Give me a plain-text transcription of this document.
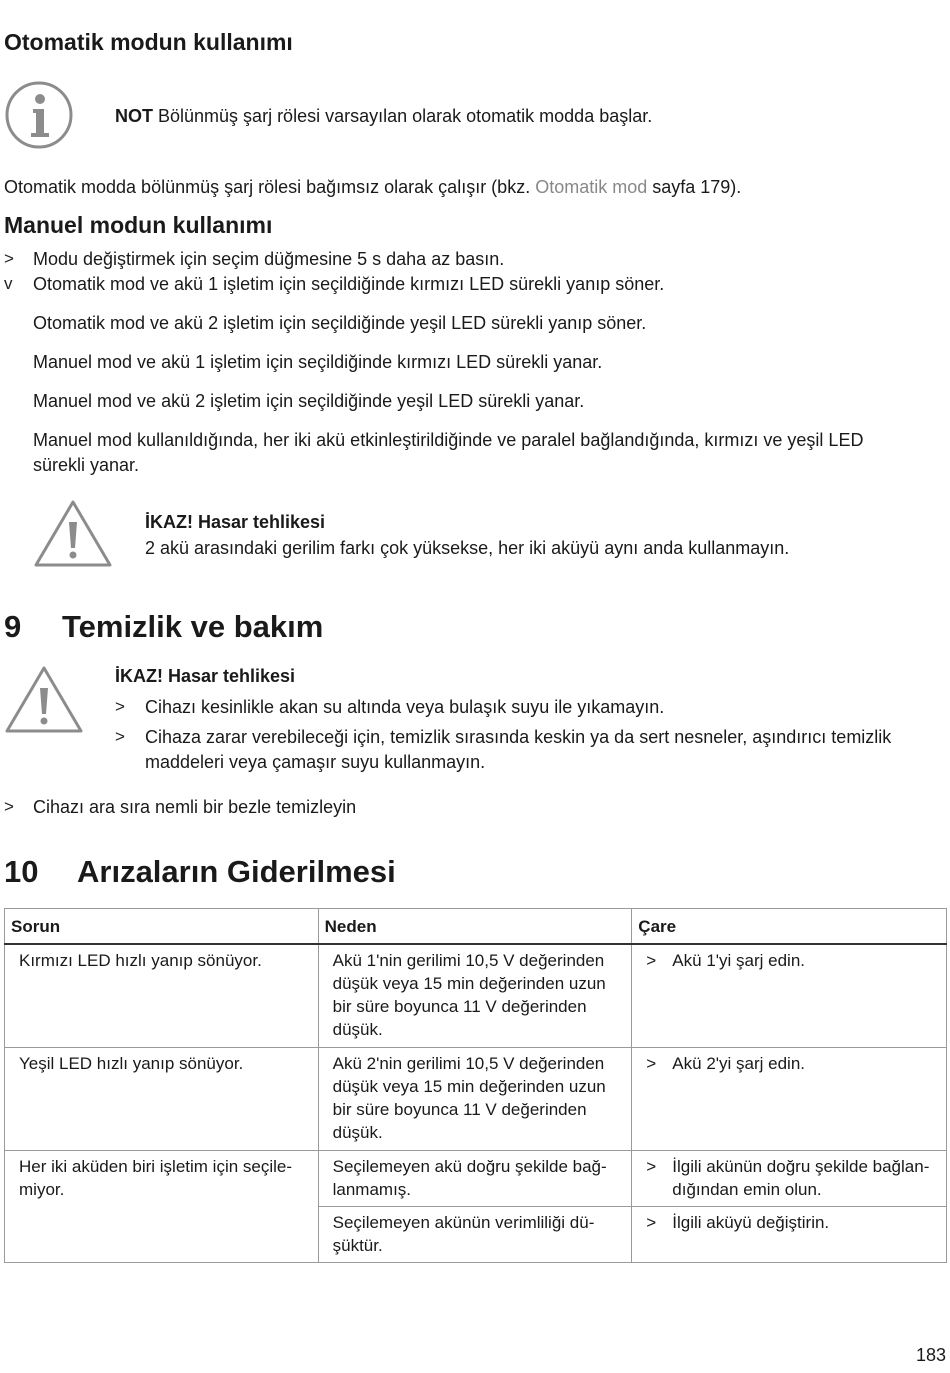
Otomatik modun kullanımı
NOT Bölünmüş şarj rölesi varsayılan olarak otomatik modda başlar.
Otomatik modda bölünmüş şarj rölesi bağımsız olarak çalışır (bkz. Otomatik mod sayfa 179).
Manuel modun kullanımı
> Modu değiştirmek için seçim düğmesine 5 s daha az basın.
v Otomatik mod ve akü 1 işletim için seçildiğinde kırmızı LED sürekli yanıp söner.
Otomatik mod ve akü 2 işletim için seçildiğinde yeşil LED sürekli yanıp söner.
Manuel mod ve akü 1 işletim için seçildiğinde kırmızı LED sürekli yanar.
Manuel mod ve akü 2 işletim için seçildiğinde yeşil LED sürekli yanar.
Manuel mod kullanıldığında, her iki akü etkinleştirildiğinde ve paralel bağlandığında, kırmızı ve yeşil LED
sürekli yanar.
İKAZ! Hasar tehlikesi
2 akü arasındaki gerilim farkı çok yüksekse, her iki aküyü aynı anda kullanmayın.
9 Temizlik ve bakım
İKAZ! Hasar tehlikesi
> Cihazı kesinlikle akan su altında veya bulaşık suyu ile yıkamayın.
> Cihaza zarar verebileceği için, temizlik sırasında keskin ya da sert nesneler, aşındırıcı temizlik
maddeleri veya çamaşır suyu kullanmayın.
> Cihazı ara sıra nemli bir bezle temizleyin
10 Arızaların Giderilmesi
Sorun	Neden	Çare
Kırmızı LED hızlı yanıp sönüyor.	Akü 1'nin gerilimi 10,5 V değerinden düşük veya 15 min değerinden uzun bir süre boyunca 11 V değerinden düşük.	> Akü 1'yi şarj edin.

Yeşil LED hızlı yanıp sönüyor.	Akü 2'nin gerilimi 10,5 V değerinden düşük veya 15 min değerinden uzun bir süre boyunca 11 V değerinden düşük.	> Akü 2'yi şarj edin.

Her iki aküden biri işletim için seçile-miyor.	Seçilemeyen akü doğru şekilde bağ-lanmamış.	> İlgili akünün doğru şekilde bağlan-dığından emin olun.

	Seçilemeyen akünün verimliliği dü-şüktür.	> İlgili aküyü değiştirin.
183
